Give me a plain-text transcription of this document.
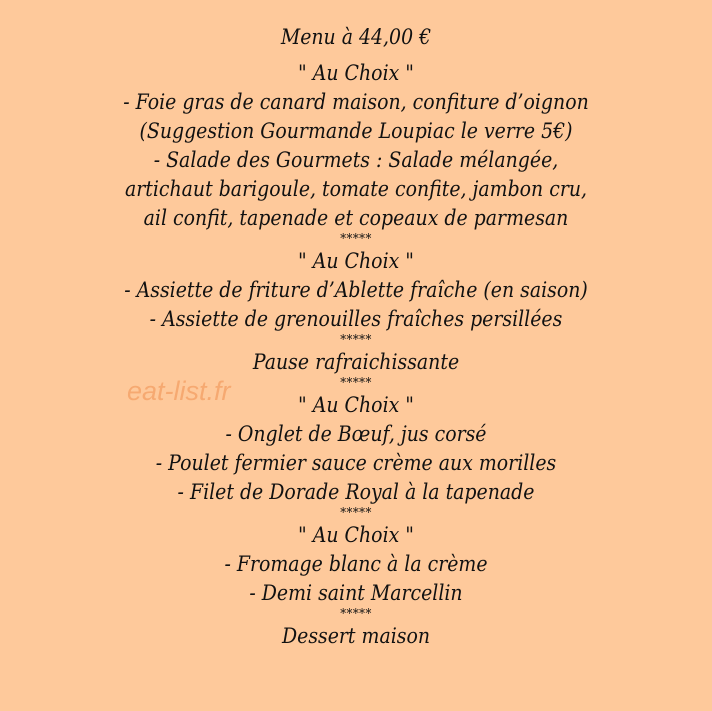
Menu à 44,00 €
" Au Choix "
- Foie gras de canard maison, confiture d’oignon
(Suggestion Gourmande Loupiac le verre 5€)
- Salade des Gourmets : Salade mélangée,
artichaut barigoule, tomate confite, jambon cru,
ail confit, tapenade et copeaux de parmesan
*****
" Au Choix "
- Assiette de friture d’Ablette fraîche (en saison)
- Assiette de grenouilles fraîches persillées
*****
Pause rafraichissante
*****
" Au Choix "
- Onglet de Bœuf, jus corsé
- Poulet fermier sauce crème aux morilles
- Filet de Dorade Royal à la tapenade
*****
" Au Choix "
- Fromage blanc à la crème
- Demi saint Marcellin
*****
Dessert maison
eat-list.fr
